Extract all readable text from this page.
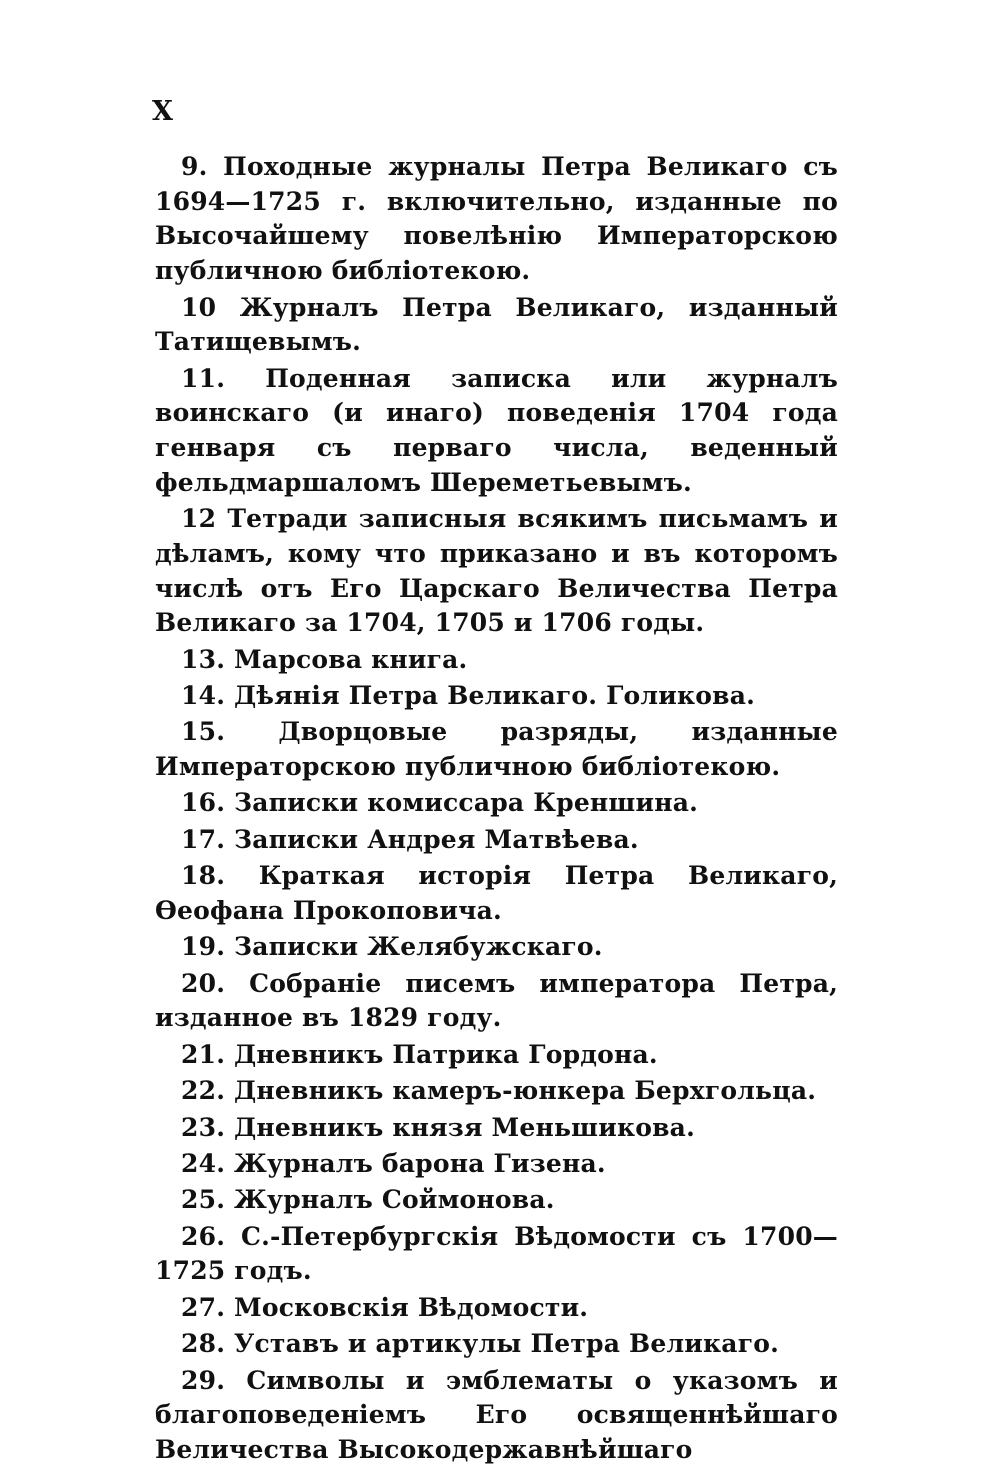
X

9. Походные журналы Петра Великаго съ 1694—1725 г. включительно, изданные по Высочайшему повелѣнію Императорскою публичною библіотекою.

10 Журналъ Петра Великаго, изданный Татищевымъ.

11. Поденная записка или журналъ воинскаго (и инаго) поведенія 1704 года генваря съ перваго числа, веденный фельдмаршаломъ Шереметьевымъ.

12 Тетради записныя всякимъ письмамъ и дѣламъ, кому что приказано и въ которомъ числѣ отъ Его Царскаго Величества Петра Великаго за 1704, 1705 и 1706 годы.

13. Марсова книга.

14. Дѣянія Петра Великаго. Голикова.

15. Дворцовые разряды, изданные Императорскою публичною библіотекою.

16. Записки комиссара Креншина.

17. Записки Андрея Матвѣева.

18. Краткая исторія Петра Великаго, Ѳеофана Прокоповича.

19. Записки Желябужскаго.

20. Собраніе писемъ императора Петра, изданное въ 1829 году.

21. Дневникъ Патрика Гордона.

22. Дневникъ камеръ-юнкера Берхгольца.

23. Дневникъ князя Меньшикова.

24. Журналъ барона Гизена.

25. Журналъ Соймонова.

26. С.-Петербургскія Вѣдомости съ 1700—1725 годъ.

27. Московскія Вѣдомости.

28. Уставъ и артикулы Петра Великаго.

29. Символы и эмблематы о указомъ и благоповеденіемъ Его освященнѣйшаго Величества Высокодержавнѣйшаго
